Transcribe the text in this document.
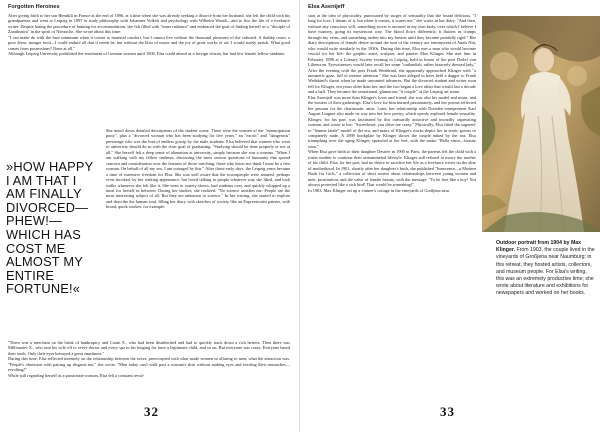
Forgotten Heroines

After giving birth to her son Henrikli in France at the end of 1896, at a time when she was already seeking a divorce from her husband, she left the child with his grandparents and went to Leipzig in 1897 to study philosophy with Johannes Volkelt and psychology with Wilhelm Wundt—and to live the life of a freelance writer. Despite hating the procedure of hunting for accommodation, she felt filled with "inner radiance" and embraced the goal of finding herself as a "disciple of Zarathustra" in the spirit of Nietzsche. She wrote about this time:

"I can make do with the bare minimum when it comes to material comfort, but I cannot live without the thousand pleasures of the cultured. A shabby room, a poor dress, meager food—I could endure all that if needs be, but without the bliss of music and the joy of great works of art, I would surely perish. What good comes from possessions? None at all."

Although Leipzig University prohibited the enrolment of German women until 1906, Elsa could attend as a foreign citizen, but had few female fellow-students.

»HOW HAPPY I AM THAT I AM FINALLY DIVORCED—PHEW!—WHICH HAS COST ME ALMOST MY ENTIRE FORTUNE!«

She noted down detailed descriptions of the student scene. There were the women of the "emancipation party", plus a "divorced woman who has been studying for five years," an "exotic" and "dangerous" personage who was the butt of endless gossip by the male students. Elsa believed that women who went to university should do so with the clear goal of graduating. "Studying should be done properly or not at all." She herself felt a deep sense of alienation at university, simply because she was a woman. "When I am walking with my fellow students, discussing the most serious questions of humanity that spread concern and consideration over the features of those watching, those who know me think I must be a free woman. On behalf of all my sex, I am outraged by this." After those early days, the Leipzig years became a time of extensive freedom for Elsa. She was well aware that the townspeople were amazed, perhaps even shocked, by her striking appearance, but loved talking to people whatever way she liked, and took walks whenever she felt like it. She went to variety shows, had students over, and quickly whipped up a meal for herself in between. During her studies, she realized: "No science satisfies me. People are the most interesting subject of all. But they are unknown to science." In her writing, she started to explore and describe the human soul, filling her diary with sketches of society like an Expressionist painter, with broad, quick strokes, for example:

"There was a merchant on the brink of bankruptcy and Count E., who had been disinherited and had to quickly track down a rich heiress. Then there was Millionaire X., who sent his wife off to every doctor and every spa in his longing for have a legitimate child, and so on. But everyone was crazy. Everyone bared their teeth. Only their eyes betrayed a great emptiness."

During this time, Elsa reflected intensely on the relationship between the sexes, preoccupied with what made women so alluring to men, what the attraction was. "People's obsession with pairing up disgusts me," she wrote. "Men today can't walk past a woman's skirt without making eyes and twirling their mustaches—revolting!"

While still regarding herself as a passionate woman, Elsa felt a constant revul-

32
Elsa Asenijeff

sion at the idea of physicality, punctuated by surges of sensuality that she found delicious. "I long for love. I dream of it, but when it comes, it scares me," she wrote in her diary. "And then, without any conscious will, something secret is aroused in my own body, over which I believe I have mastery, going its mysterious way. The blood flows differently, it flutters in cramps through my veins, and something rushes into my breasts until they become painfully rigid." Her diary descriptions of female desire around the turn of the century are reminiscent of Anaïs Nin, who would write similarly in the 1930s. During this time, Elsa met a man who would become crucial for her life: the graphic artist, sculptor, and painter Max Klinger. She met him in February 1898 at a Literary Society evening in Leipzig, held in honor of the poet Detlef von Liliencron. Eyewitnesses would later recall her seam "outlandish, rather bizarrely dressed lady." After the evening with the poet Frank Wedekind, she apparently approached Klinger with "a mesmeric gaze, full of intense attention." She was later alleged to have held a dagger to Frank Wedekind's throat when he made unwanted advances. But the divorced student and writer soon fell for Klinger, ten years older than her, and the two began a love affair that would last a decade and a half. They became the sensational, glamorous "it couple" of the Leipzig art scene.

Elsa Asenijeff was more than Klinger's lover and friend; she was also his model and muse, and the hostess of their gatherings. Elsa's love for him burned passionately, and her poems reflected her passion for the charismatic artist. Later, her relationship with Dresden entrepreneur Karl August Lingner also made its way into her love poetry, which openly explored female sexuality. Klinger, for his part, was fascinated by this outwardly attractive and inwardly captivating woman, and wrote to her: "Sweetheart, you drive me crazy." Physically, Elsa fitted the sugared-to "femme fatale" model of the era, and many of Klinger's works depict her in erotic gowns or completely nude. A 1899 bookplate by Klinger shows the couple naked by the sea, Elsa triumphing over the aging Klinger, sprawled at her feet, with the motto "Bella vince—beauty wins."

When Elsa gave birth to their daughter Désirée in 1900 in Paris, the parents left the child with a foster mother to continue their untrammeled lifestyle. Klinger still refused to marry the mother of his child. Elsa, for her part, had no desire to sacrifice her life as a freelance writer on the altar of motherhood. In 1901, shortly after her daughter's birth, she published "Innocence—a Modern Book for Girls," a collection of short stories about relationships between young women and men, prostitution, and the value of female beauty, with the message: "To be free like a boy! Not always protected like a sick bird! That would be something!"

In 1903, Max Klinger set up a vintner's cottage in the vineyards of Großjena near

Outdoor portrait from 1904 by Max Klinger. From 1903, the couple lived in the vineyards of Großjena near Naumburg; in this retreat, they hosted artists, collectors, and museum people. For Elsa's writing, this was an extremely productive time; she wrote about literature and exhibitions for newspapers and worked on her books.
33
